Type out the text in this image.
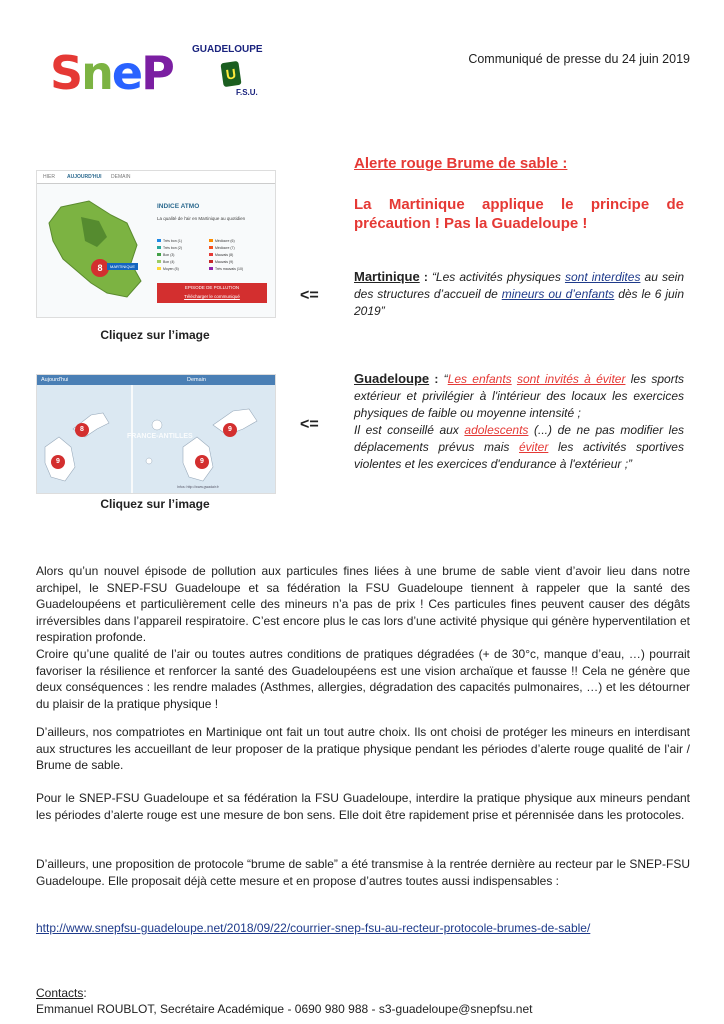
SneP GUADELOUPE
U
F.S.U.
Communiqué de presse du 24 juin 2019
Alerte rouge Brume de sable :
La Martinique applique le principe de précaution ! Pas la Guadeloupe !
HIER AUJOURD'HUI DEMAIN
8	MARTINIQUE
INDICE ATMO
La qualité de l'air en Martinique au quotidien
Très bon (1)
Très bon (2)
Bon (3)
Bon (4)
Moyen (5)
Médiocre (6)
Médiocre (7)
Mauvais (8)
Mauvais (9)
Très mauvais (10)
EPISODE DE POLLUTION
Télécharger le communiqué
Cliquez sur l’image
<=
Martinique : “Les activités physiques sont interdites au sein des structures d’accueil de mineurs ou d’enfants dès le 6 juin 2019”
Aujourd'hui	Demain
8
9
9
9
FRANCE-ANTILLES
Infos: http://www.gwadair.fr
Cliquez sur l’image
<=
Guadeloupe : “Les enfants sont invités à éviter les sports extérieur et privilégier à l'intérieur des locaux les exercices physiques de faible ou moyenne intensité ;
Il est conseillé aux adolescents (...) de ne pas modifier les déplacements prévus mais éviter les activités sportives violentes et les exercices d'endurance à l'extérieur ;”

Alors qu’un nouvel épisode de pollution aux particules fines liées à une brume de sable vient d’avoir lieu dans notre archipel, le SNEP-FSU Guadeloupe et sa fédération la FSU Guadeloupe tiennent à rappeler que la santé des Guadeloupéens et particulièrement celle des mineurs n’a pas de prix ! Ces particules fines peuvent causer des dégâts irréversibles dans l’appareil respiratoire. C’est encore plus le cas lors d’une activité physique qui génère hyperventilation et respiration profonde.

Croire qu’une qualité de l’air ou toutes autres conditions de pratiques dégradées (+ de 30°c, manque d’eau, …) pourrait favoriser la résilience et renforcer la santé des Guadeloupéens est une vision archaïque et fausse !! Cela ne génère que deux conséquences : les rendre malades (Asthmes, allergies, dégradation des capacités pulmonaires, …) et les détourner du plaisir de la pratique physique !

D’ailleurs, nos compatriotes en Martinique ont fait un tout autre choix. Ils ont choisi de protéger les mineurs en interdisant aux structures les accueillant de leur proposer de la pratique physique pendant les périodes d’alerte rouge qualité de l’air / Brume de sable.

Pour le SNEP-FSU Guadeloupe et sa fédération la FSU Guadeloupe, interdire la pratique physique aux mineurs pendant les périodes d’alerte rouge est une mesure de bon sens. Elle doit être rapidement prise et pérennisée dans les protocoles.

D’ailleurs, une proposition de protocole “brume de sable” a été transmise à la rentrée dernière au recteur par le SNEP-FSU Guadeloupe. Elle proposait déjà cette mesure et en propose d’autres toutes aussi indispensables :

http://www.snepfsu-guadeloupe.net/2018/09/22/courrier-snep-fsu-au-recteur-protocole-brumes-de-sable/
Contacts:
Emmanuel ROUBLOT, Secrétaire Académique - 0690 980 988 - s3-guadeloupe@snepfsu.net
